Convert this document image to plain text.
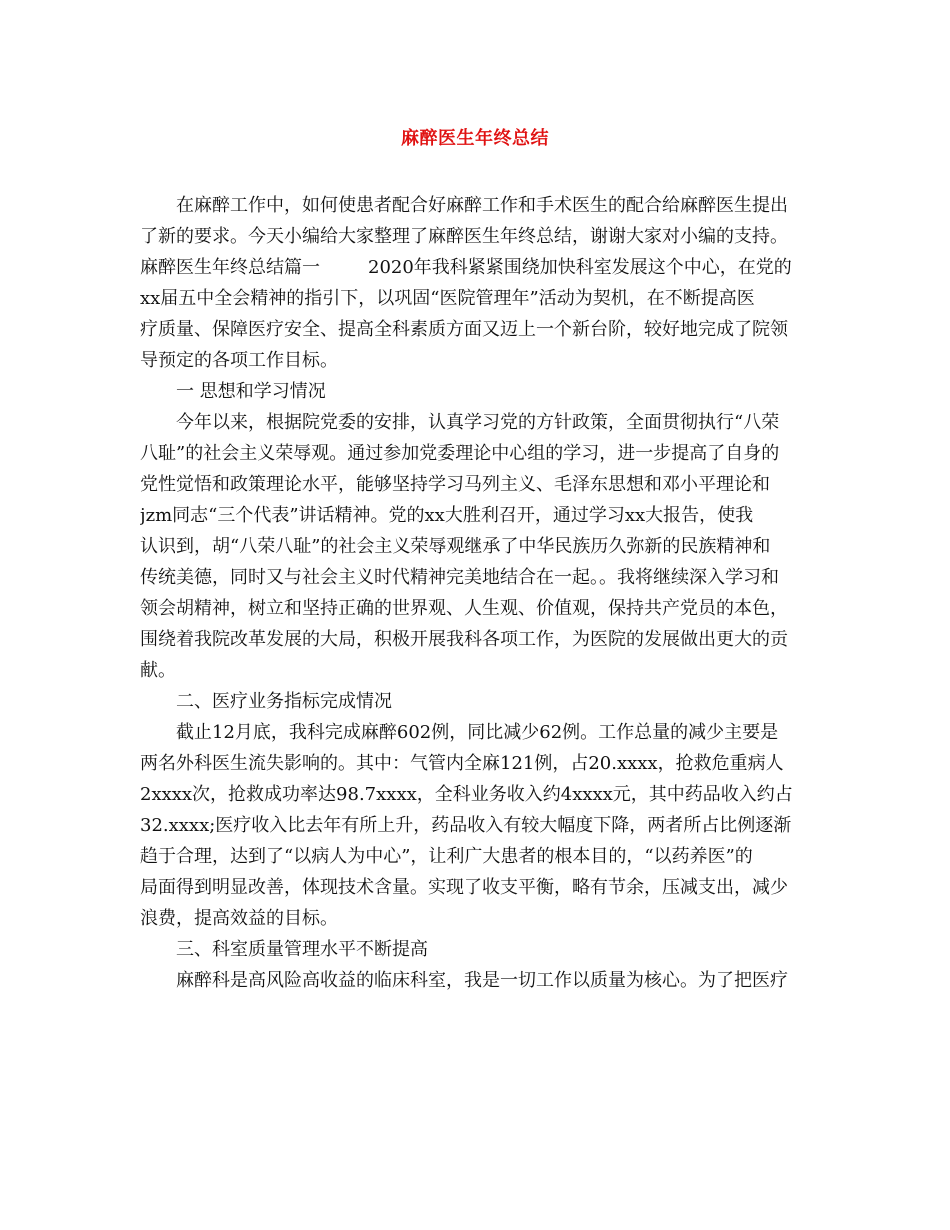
麻醉医生年终总结
在麻醉工作中，如何使患者配合好麻醉工作和手术医生的配合给麻醉医生提出
了新的要求。今天小编给大家整理了麻醉医生年终总结，谢谢大家对小编的支持。
麻醉医生年终总结篇一	2020年我科紧紧围绕加快科室发展这个中心，在党的
xx届五中全会精神的指引下，以巩固“医院管理年”活动为契机，在不断提高医
疗质量、保障医疗安全、提高全科素质方面又迈上一个新台阶，较好地完成了院领
导预定的各项工作目标。
一 思想和学习情况
今年以来，根据院党委的安排，认真学习党的方针政策，全面贯彻执行“八荣
八耻”的社会主义荣辱观。通过参加党委理论中心组的学习，进一步提高了自身的
党性觉悟和政策理论水平，能够坚持学习马列主义、毛泽东思想和邓小平理论和
jzm同志“三个代表”讲话精神。党的xx大胜利召开，通过学习xx大报告，使我
认识到，胡“八荣八耻”的社会主义荣辱观继承了中华民族历久弥新的民族精神和
传统美德，同时又与社会主义时代精神完美地结合在一起。。我将继续深入学习和
领会胡精神，树立和坚持正确的世界观、人生观、价值观，保持共产党员的本色，
围绕着我院改革发展的大局，积极开展我科各项工作，为医院的发展做出更大的贡
献。
二、医疗业务指标完成情况
截止12月底，我科完成麻醉602例，同比减少62例。工作总量的减少主要是
两名外科医生流失影响的。其中：气管内全麻121例，占20.xxxx，抢救危重病人
2xxxx次，抢救成功率达98.7xxxx，全科业务收入约4xxxx元，其中药品收入约占
32.xxxx;医疗收入比去年有所上升，药品收入有较大幅度下降，两者所占比例逐渐
趋于合理，达到了“以病人为中心”，让利广大患者的根本目的，“以药养医”的
局面得到明显改善，体现技术含量。实现了收支平衡，略有节余，压减支出，减少
浪费，提高效益的目标。
三、科室质量管理水平不断提高
麻醉科是高风险高收益的临床科室，我是一切工作以质量为核心。为了把医疗
